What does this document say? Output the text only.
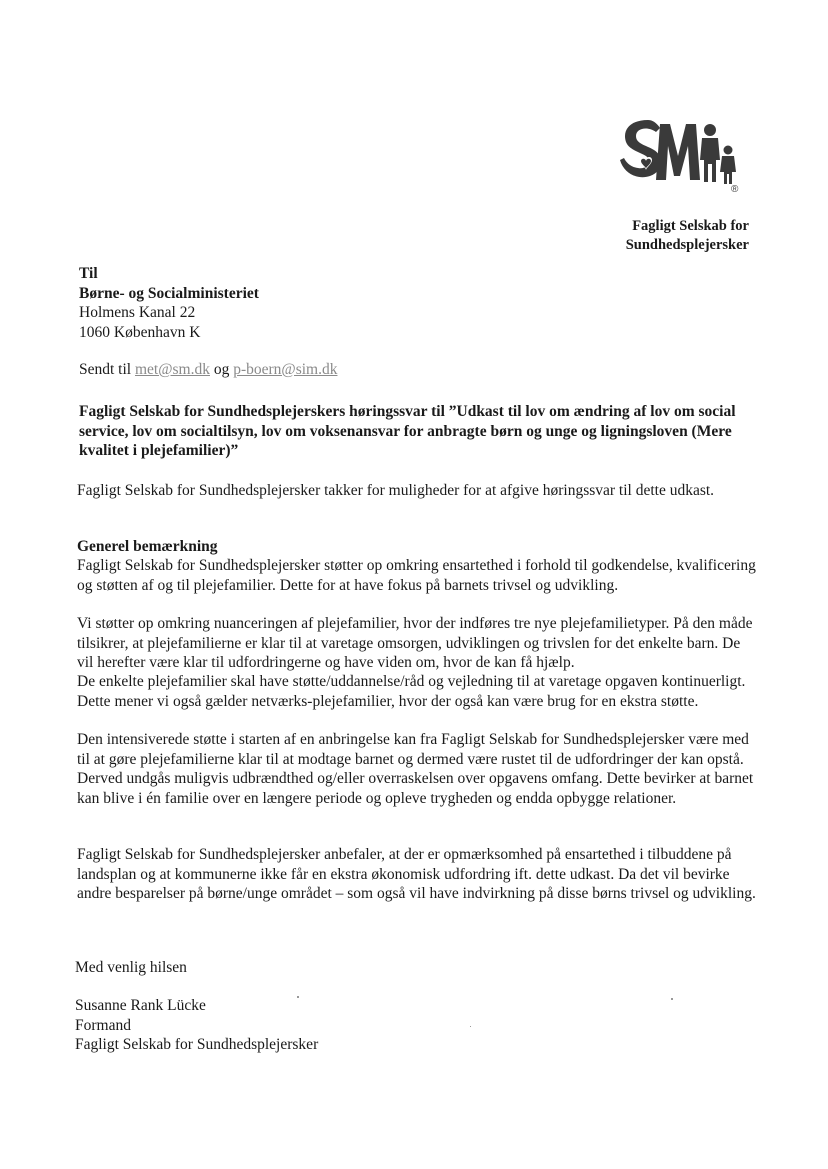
®
Fagligt Selskab for
Sundhedsplejersker
Til
Børne- og Socialministeriet
Holmens Kanal 22
1060 København K
Sendt til met@sm.dk og p-boern@sim.dk
Fagligt Selskab for Sundhedsplejerskers høringssvar til ”Udkast til lov om ændring af lov om social service, lov om socialtilsyn, lov om voksenansvar for anbragte børn og unge og ligningsloven (Mere kvalitet i plejefamilier)”

Fagligt Selskab for Sundhedsplejersker takker for muligheder for at afgive høringssvar til dette udkast.

Generel bemærkning

Fagligt Selskab for Sundhedsplejersker støtter op omkring ensartethed i forhold til godkendelse, kvalificering og støtten af og til plejefamilier. Dette for at have fokus på barnets trivsel og udvikling.

Vi støtter op omkring nuanceringen af plejefamilier, hvor der indføres tre nye plejefamilietyper. På den måde tilsikrer, at plejefamilierne er klar til at varetage omsorgen, udviklingen og trivslen for det enkelte barn. De vil herefter være klar til udfordringerne og have viden om, hvor de kan få hjælp.

De enkelte plejefamilier skal have støtte/uddannelse/råd og vejledning til at varetage opgaven kontinuerligt. Dette mener vi også gælder netværks-plejefamilier, hvor der også kan være brug for en ekstra støtte.

Den intensiverede støtte i starten af en anbringelse kan fra Fagligt Selskab for Sundhedsplejersker være med til at gøre plejefamilierne klar til at modtage barnet og dermed være rustet til de udfordringer der kan opstå. Derved undgås muligvis udbrændthed og/eller overraskelsen over opgavens omfang. Dette bevirker at barnet kan blive i én familie over en længere periode og opleve trygheden og endda opbygge relationer.

Fagligt Selskab for Sundhedsplejersker anbefaler, at der er opmærksomhed på ensartethed i tilbuddene på landsplan og at kommunerne ikke får en ekstra økonomisk udfordring ift. dette udkast. Da det vil bevirke andre besparelser på børne/unge området – som også vil have indvirkning på disse børns trivsel og udvikling.

Med venlig hilsen
Susanne Rank Lücke
Formand
Fagligt Selskab for Sundhedsplejersker
